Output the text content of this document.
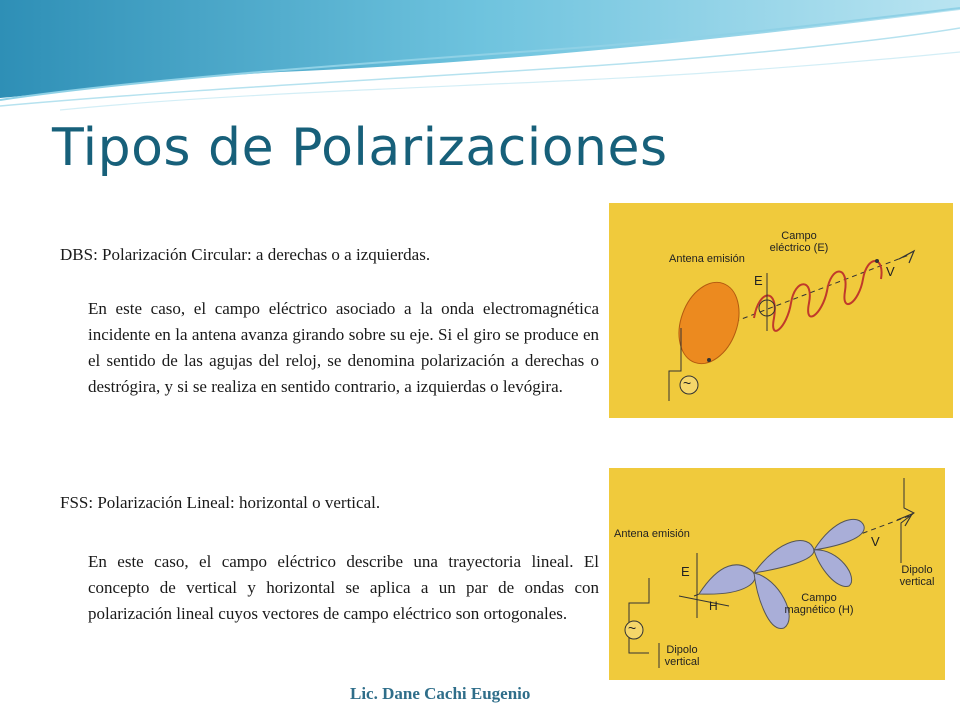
Tipos de Polarizaciones

DBS: Polarización Circular: a derechas o a izquierdas.

En este caso, el campo eléctrico asociado a la onda electromagnética incidente en la antena avanza girando sobre su eje. Si el giro se produce en el sentido de las agujas del reloj, se denomina polarización a derechas o destrógira, y si se realiza en sentido contrario, a izquierdas o levógira.

FSS: Polarización Lineal: horizontal o vertical.

En este caso, el campo eléctrico describe una trayectoria lineal. El concepto de vertical y horizontal se aplica a un par de ondas con polarización lineal cuyos vectores de campo eléctrico son ortogonales.

Antena emisión
Campo eléctrico (E)
E
V
~
Antena emisión
E
H
V
Campo magnético (H)
Dipolo vertical
Dipolo vertical
~

Lic. Dane Cachi Eugenio
